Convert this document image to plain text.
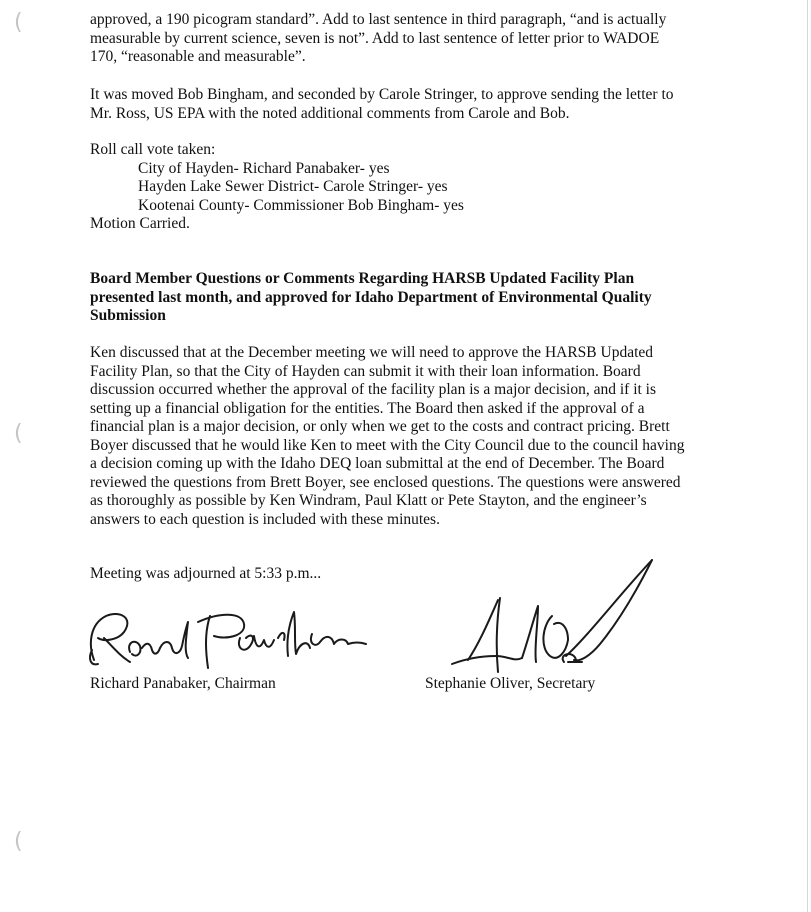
(
(
(
approved, a 190 picogram standard”. Add to last sentence in third paragraph, “and is actually
measurable by current science, seven is not”. Add to last sentence of letter prior to WADOE
170, “reasonable and measurable”.
It was moved Bob Bingham, and seconded by Carole Stringer, to approve sending the letter to
Mr. Ross, US EPA with the noted additional comments from Carole and Bob.
Roll call vote taken:
City of Hayden- Richard Panabaker- yes
Hayden Lake Sewer District- Carole Stringer- yes
Kootenai County- Commissioner Bob Bingham- yes
Motion Carried.
Board Member Questions or Comments Regarding HARSB Updated Facility Plan
presented last month, and approved for Idaho Department of Environmental Quality
Submission
Ken discussed that at the December meeting we will need to approve the HARSB Updated
Facility Plan, so that the City of Hayden can submit it with their loan information. Board
discussion occurred whether the approval of the facility plan is a major decision, and if it is
setting up a financial obligation for the entities. The Board then asked if the approval of a
financial plan is a major decision, or only when we get to the costs and contract pricing. Brett
Boyer discussed that he would like Ken to meet with the City Council due to the council having
a decision coming up with the Idaho DEQ loan submittal at the end of December. The Board
reviewed the questions from Brett Boyer, see enclosed questions. The questions were answered
as thoroughly as possible by Ken Windram, Paul Klatt or Pete Stayton, and the engineer’s
answers to each question is included with these minutes.
Meeting was adjourned at 5:33 p.m...
Richard Panabaker, Chairman	Stephanie Oliver, Secretary
